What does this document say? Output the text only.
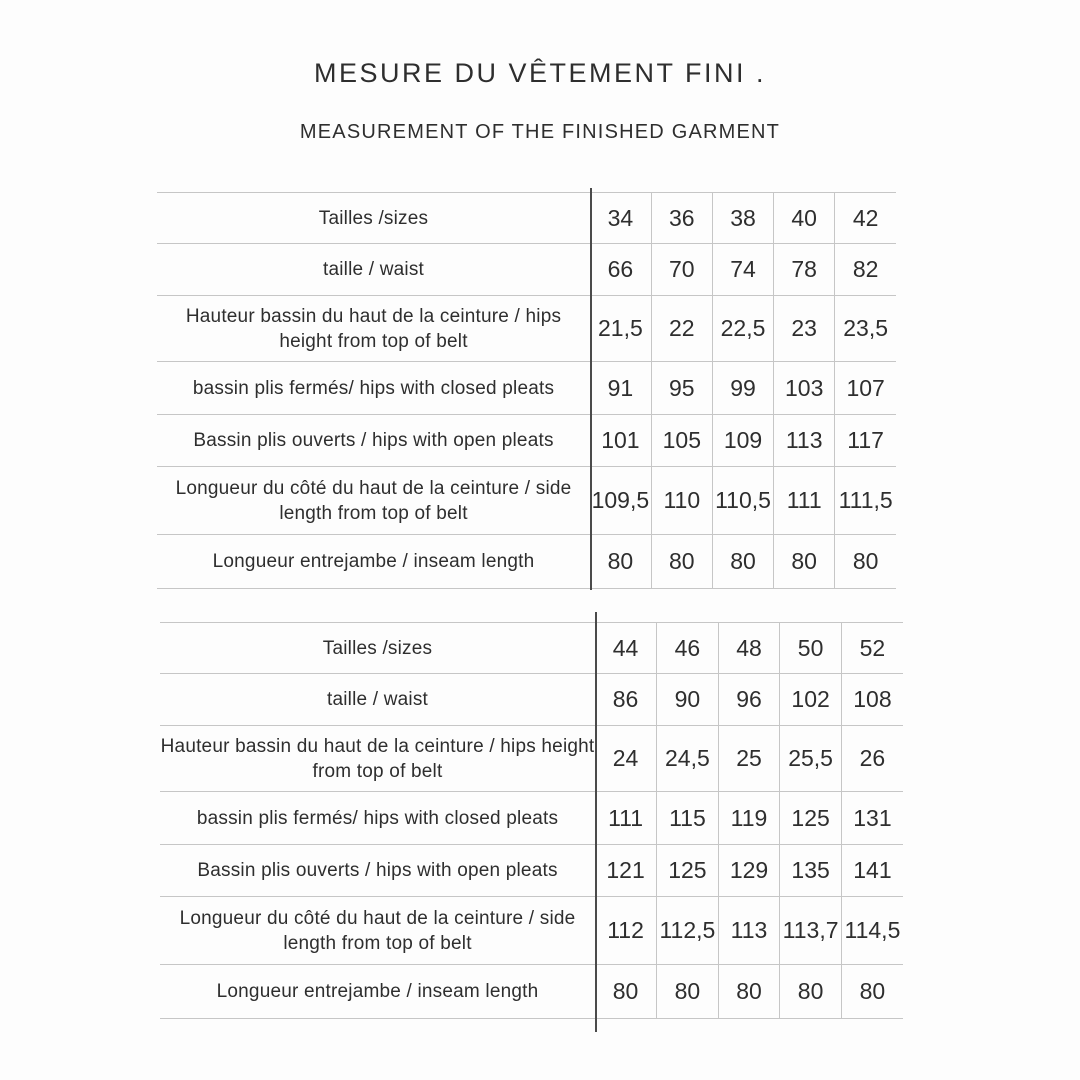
MESURE DU VÊTEMENT FINI .
MEASUREMENT OF THE FINISHED GARMENT
Tailles /sizes	34	36	38	40	42
taille / waist	66	70	74	78	82
Hauteur bassin du haut de la ceinture / hips height from top of belt	21,5	22	22,5	23	23,5
bassin plis fermés/ hips with closed pleats	91	95	99	103	107
Bassin plis ouverts / hips with open pleats	101	105	109	113	117
Longueur du côté du haut de la ceinture / side length from top of belt	109,5	110	110,5	111	111,5
Longueur entrejambe / inseam length	80	80	80	80	80
Tailles /sizes	44	46	48	50	52
taille / waist	86	90	96	102	108
Hauteur bassin du haut de la ceinture / hips height from top of belt	24	24,5	25	25,5	26
bassin plis fermés/ hips with closed pleats	111	115	119	125	131
Bassin plis ouverts / hips with open pleats	121	125	129	135	141
Longueur du côté du haut de la ceinture / side length from top of belt	112	112,5	113	113,7	114,5
Longueur entrejambe / inseam length	80	80	80	80	80
